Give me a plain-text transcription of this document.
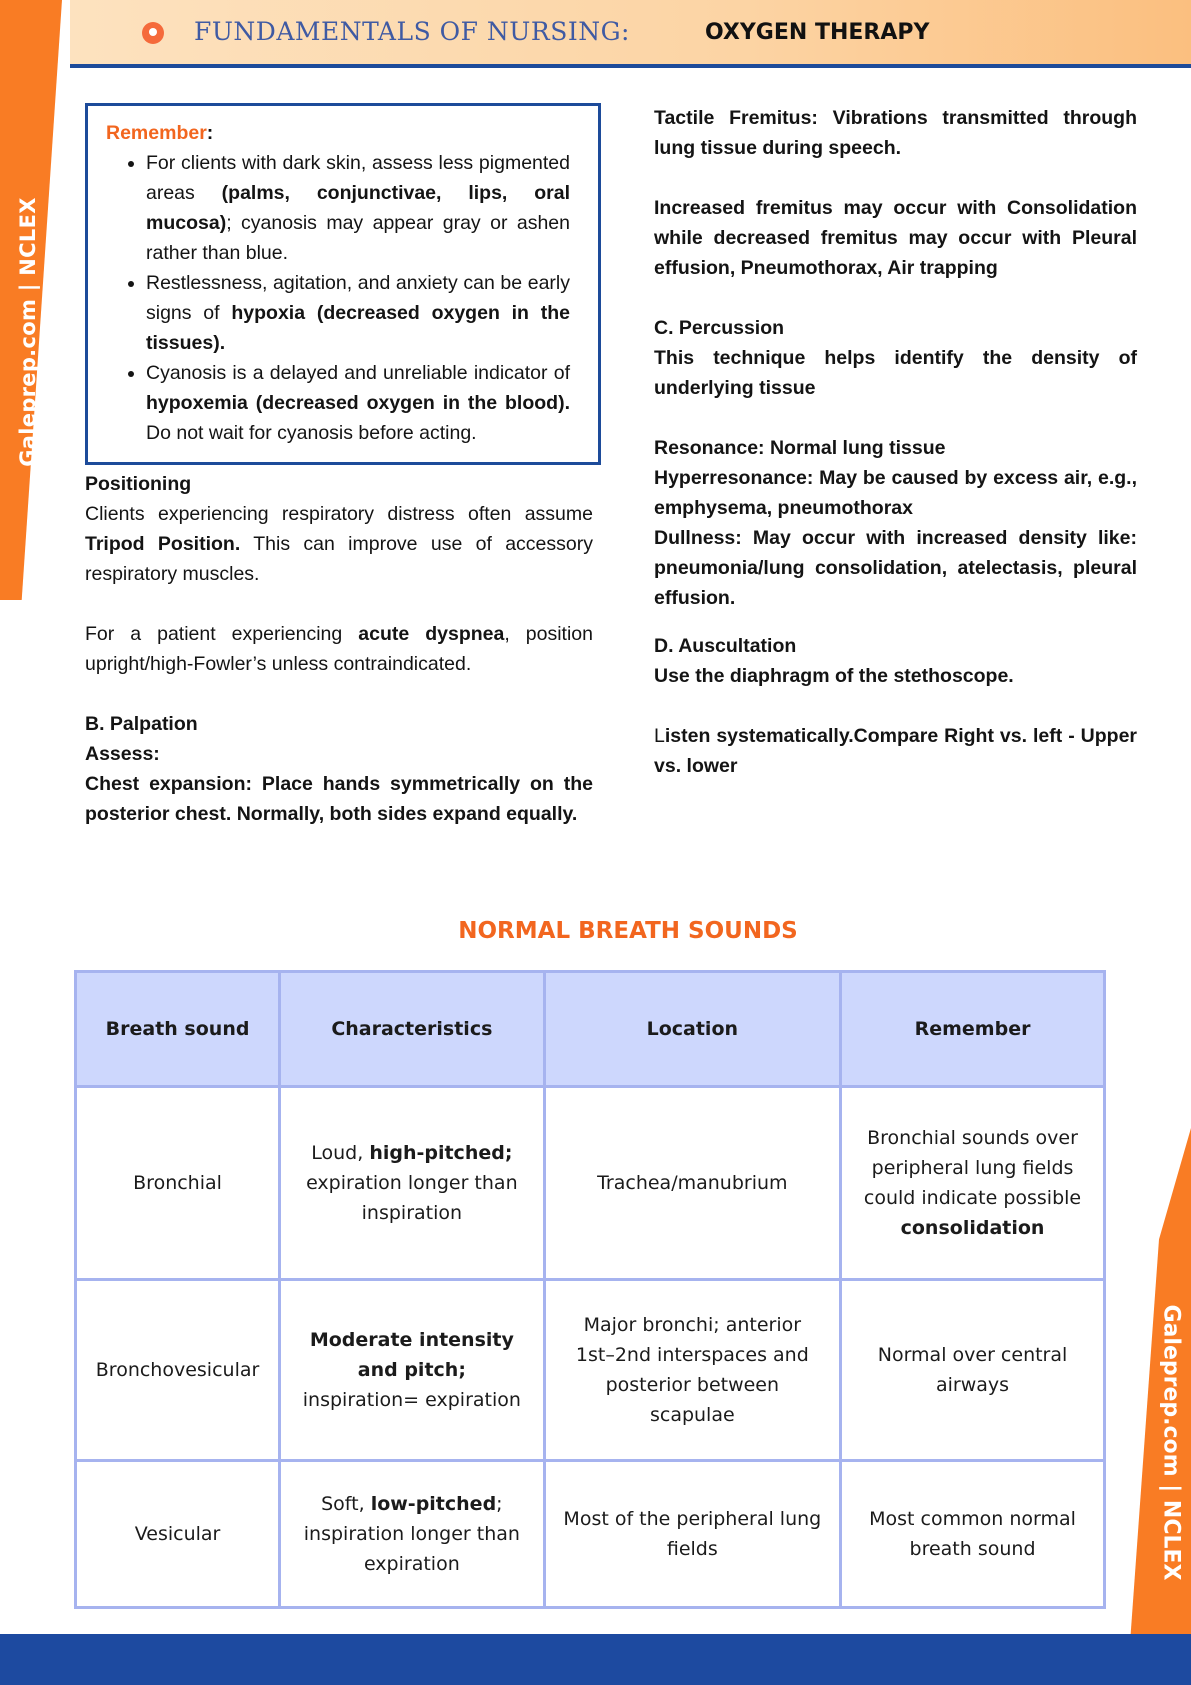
Galeprep.com | NCLEX
Galeprep.com | NCLEX
FUNDAMENTALS OF NURSING:	OXYGEN THERAPY
Remember:
• For clients with dark skin, assess less pigmented areas (palms, conjunctivae, lips, oral mucosa); cyanosis may appear gray or ashen rather than blue.
• Restlessness, agitation, and anxiety can be early signs of hypoxia (decreased oxygen in the tissues).
• Cyanosis is a delayed and unreliable indicator of hypoxemia (decreased oxygen in the blood). Do not wait for cyanosis before acting.

Positioning

Clients experiencing respiratory distress often assume Tripod Position. This can improve use of accessory respiratory muscles.

For a patient experiencing acute dyspnea, position upright/high-Fowler’s unless contraindicated.

B. Palpation

Assess:

Chest expansion: Place hands symmetrically on the posterior chest. Normally, both sides expand equally.

Tactile Fremitus: Vibrations transmitted through lung tissue during speech.

Increased fremitus may occur with Consolidation while decreased fremitus may occur with Pleural effusion, Pneumothorax, Air trapping

C. Percussion

This technique helps identify the density of underlying tissue

Resonance: Normal lung tissue

Hyperresonance: May be caused by excess air, e.g., emphysema, pneumothorax

Dullness: May occur with increased density like: pneumonia/lung consolidation, atelectasis, pleural effusion.

D. Auscultation

Use the diaphragm of the stethoscope.

Listen systematically.Compare Right vs. left - Upper vs. lower

NORMAL BREATH SOUNDS
Breath sound	Characteristics	Location	Remember
Bronchial	Loud, high-pitched; expiration longer than inspiration	Trachea/manubrium	Bronchial sounds over peripheral lung fields could indicate possible consolidation
Bronchovesicular	Moderate intensity and pitch; inspiration= expiration	Major bronchi; anterior 1st–2nd interspaces and posterior between scapulae	Normal over central airways
Vesicular	Soft, low-pitched; inspiration longer than expiration	Most of the peripheral lung fields	Most common normal breath sound
